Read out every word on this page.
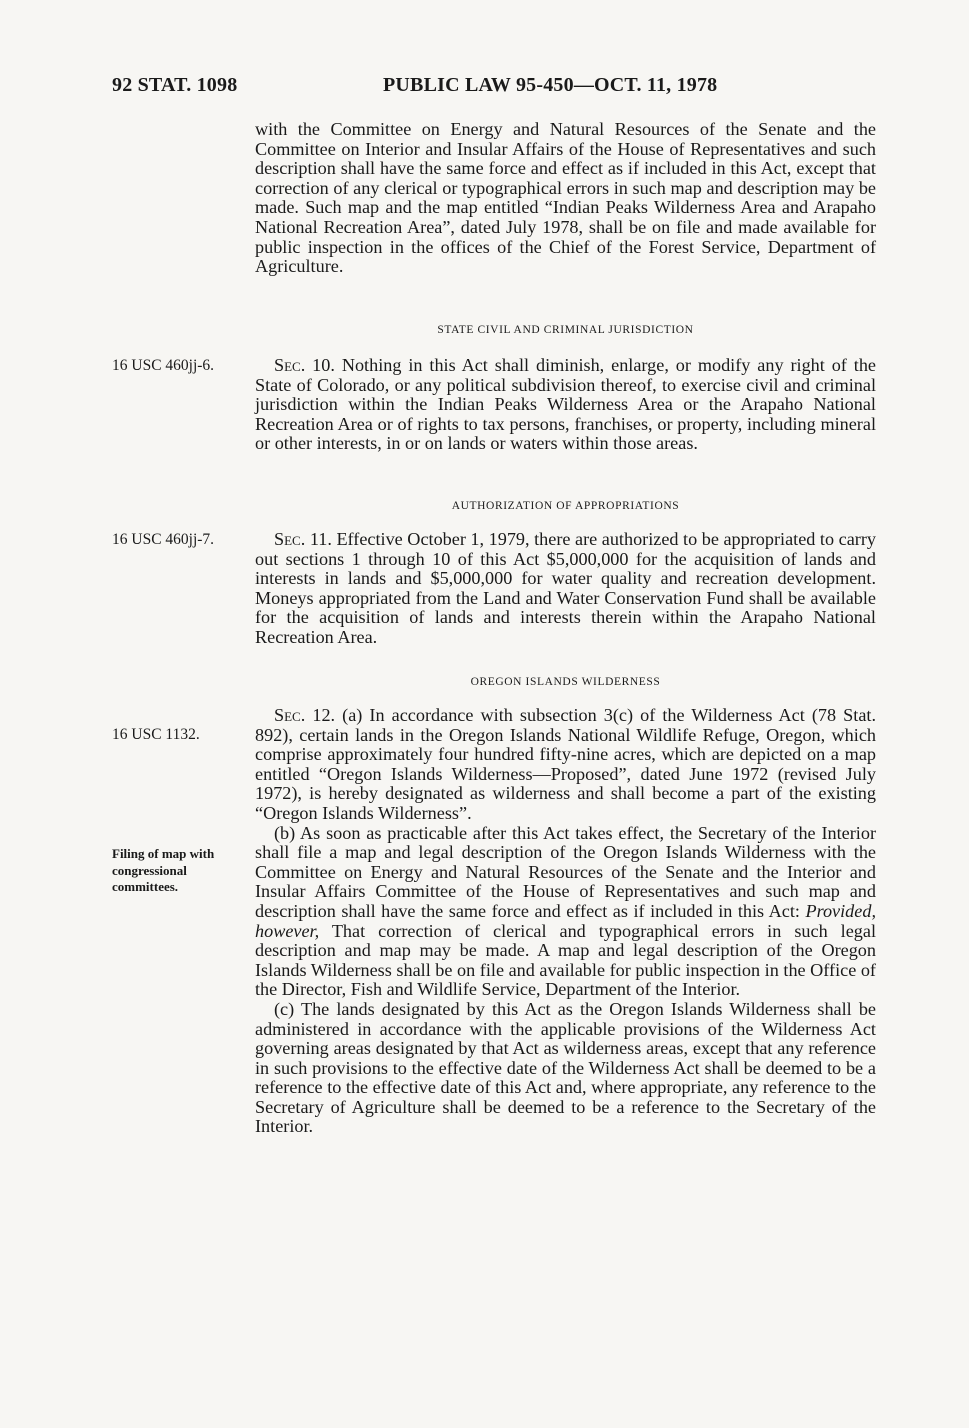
92 STAT. 1098	PUBLIC LAW 95-450—OCT. 11, 1978

with the Committee on Energy and Natural Resources of the Senate and the Committee on Interior and Insular Affairs of the House of Representatives and such description shall have the same force and effect as if included in this Act, except that correction of any clerical or typographical errors in such map and description may be made. Such map and the map entitled “Indian Peaks Wilderness Area and Arapaho National Recreation Area”, dated July 1978, shall be on file and made available for public inspection in the offices of the Chief of the Forest Service, Department of Agriculture.

STATE CIVIL AND CRIMINAL JURISDICTION
16 USC 460jj-6.	Sec. 10. Nothing in this Act shall diminish, enlarge, or modify any right of the State of Colorado, or any political subdivision thereof, to exercise civil and criminal jurisdiction within the Indian Peaks Wilderness Area or the Arapaho National Recreation Area or of rights to tax persons, franchises, or property, including mineral or other interests, in or on lands or waters within those areas.

AUTHORIZATION OF APPROPRIATIONS
16 USC 460jj-7.	Sec. 11. Effective October 1, 1979, there are authorized to be appropriated to carry out sections 1 through 10 of this Act $5,000,000 for the acquisition of lands and interests in lands and $5,000,000 for water quality and recreation development. Moneys appropriated from the Land and Water Conservation Fund shall be available for the acquisition of lands and interests therein within the Arapaho National Recreation Area.

OREGON ISLANDS WILDERNESS
16 USC 1132.
Filing of map with congressional committees.

Sec. 12. (a) In accordance with subsection 3(c) of the Wilderness Act (78 Stat. 892), certain lands in the Oregon Islands National Wildlife Refuge, Oregon, which comprise approximately four hundred fifty-nine acres, which are depicted on a map entitled “Oregon Islands Wilderness—Proposed”, dated June 1972 (revised July 1972), is hereby designated as wilderness and shall become a part of the existing “Oregon Islands Wilderness”.

(b) As soon as practicable after this Act takes effect, the Secretary of the Interior shall file a map and legal description of the Oregon Islands Wilderness with the Committee on Energy and Natural Resources of the Senate and the Interior and Insular Affairs Committee of the House of Representatives and such map and description shall have the same force and effect as if included in this Act: Provided, however, That correction of clerical and typographical errors in such legal description and map may be made. A map and legal description of the Oregon Islands Wilderness shall be on file and available for public inspection in the Office of the Director, Fish and Wildlife Service, Department of the Interior.

(c) The lands designated by this Act as the Oregon Islands Wilderness shall be administered in accordance with the applicable provisions of the Wilderness Act governing areas designated by that Act as wilderness areas, except that any reference in such provisions to the effective date of the Wilderness Act shall be deemed to be a reference to the effective date of this Act and, where appropriate, any reference to the Secretary of Agriculture shall be deemed to be a reference to the Secretary of the Interior.
